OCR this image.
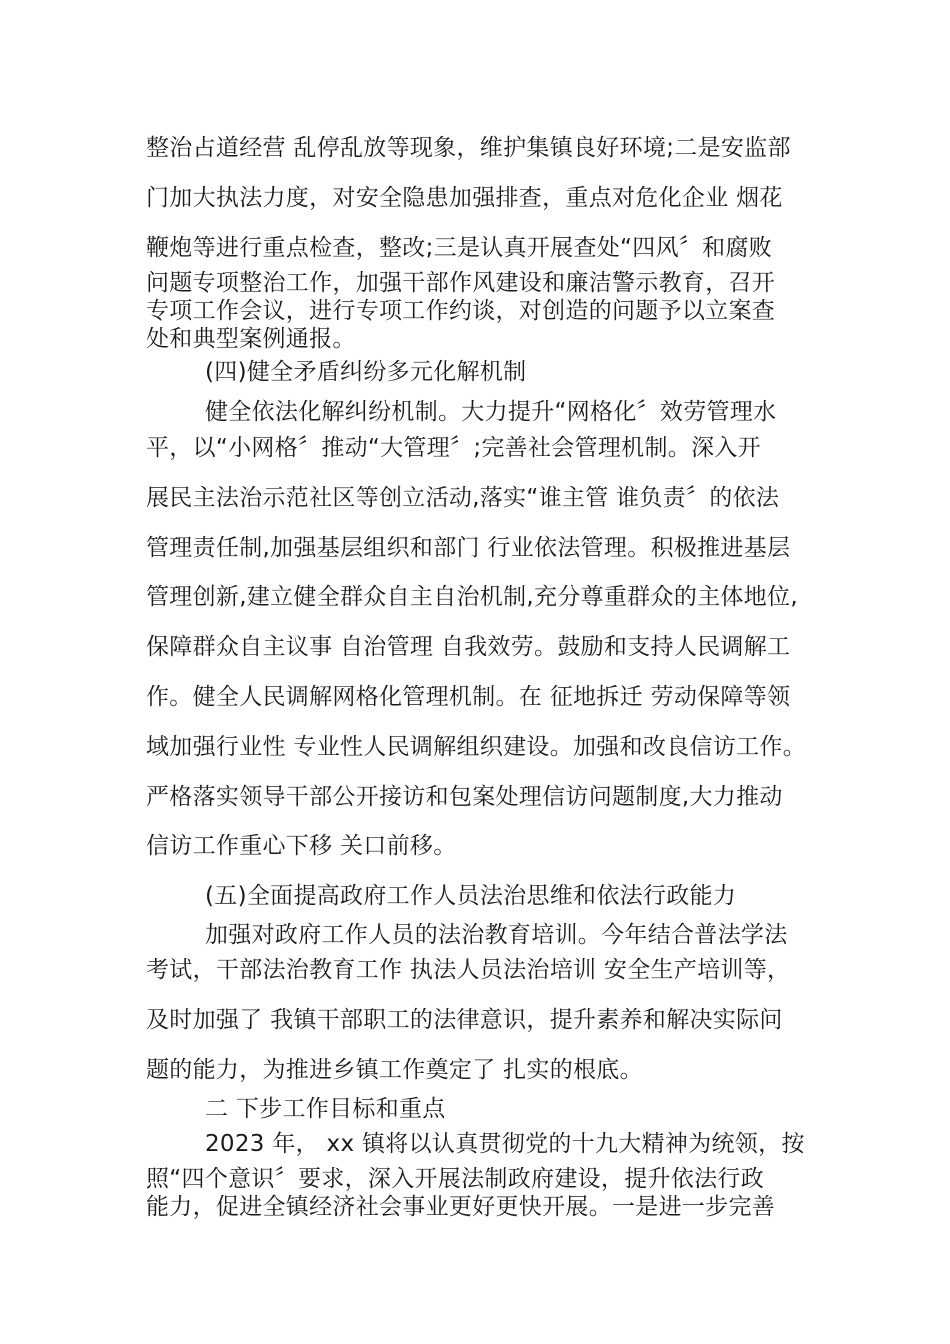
整治占道经营 乱停乱放等现象，维护集镇良好环境;二是安监部
门加大执法力度，对安全隐患加强排查，重点对危化企业 烟花
鞭炮等进行重点检查，整改;三是认真开展查处“四风〞和腐败
问题专项整治工作，加强干部作风建设和廉洁警示教育，召开
专项工作会议，进行专项工作约谈，对创造的问题予以立案查
处和典型案例通报。
(四)健全矛盾纠纷多元化解机制
健全依法化解纠纷机制。大力提升“网格化〞效劳管理水
平，以“小网格〞推动“大管理〞;完善社会管理机制。深入开
展民主法治示范社区等创立活动,落实“谁主管 谁负责〞的依法
管理责任制,加强基层组织和部门 行业依法管理。积极推进基层
管理创新,建立健全群众自主自治机制,充分尊重群众的主体地位,
保障群众自主议事 自治管理 自我效劳。鼓励和支持人民调解工
作。健全人民调解网格化管理机制。在 征地拆迁 劳动保障等领
域加强行业性 专业性人民调解组织建设。加强和改良信访工作。
严格落实领导干部公开接访和包案处理信访问题制度,大力推动
信访工作重心下移 关口前移。
(五)全面提高政府工作人员法治思维和依法行政能力
加强对政府工作人员的法治教育培训。今年结合普法学法
考试，干部法治教育工作 执法人员法治培训 安全生产培训等，
及时加强了 我镇干部职工的法律意识，提升素养和解决实际问
题的能力，为推进乡镇工作奠定了 扎实的根底。
二 下步工作目标和重点
2023 年， xx 镇将以认真贯彻党的十九大精神为统领，按
照“四个意识〞要求，深入开展法制政府建设，提升依法行政
能力，促进全镇经济社会事业更好更快开展。一是进一步完善
